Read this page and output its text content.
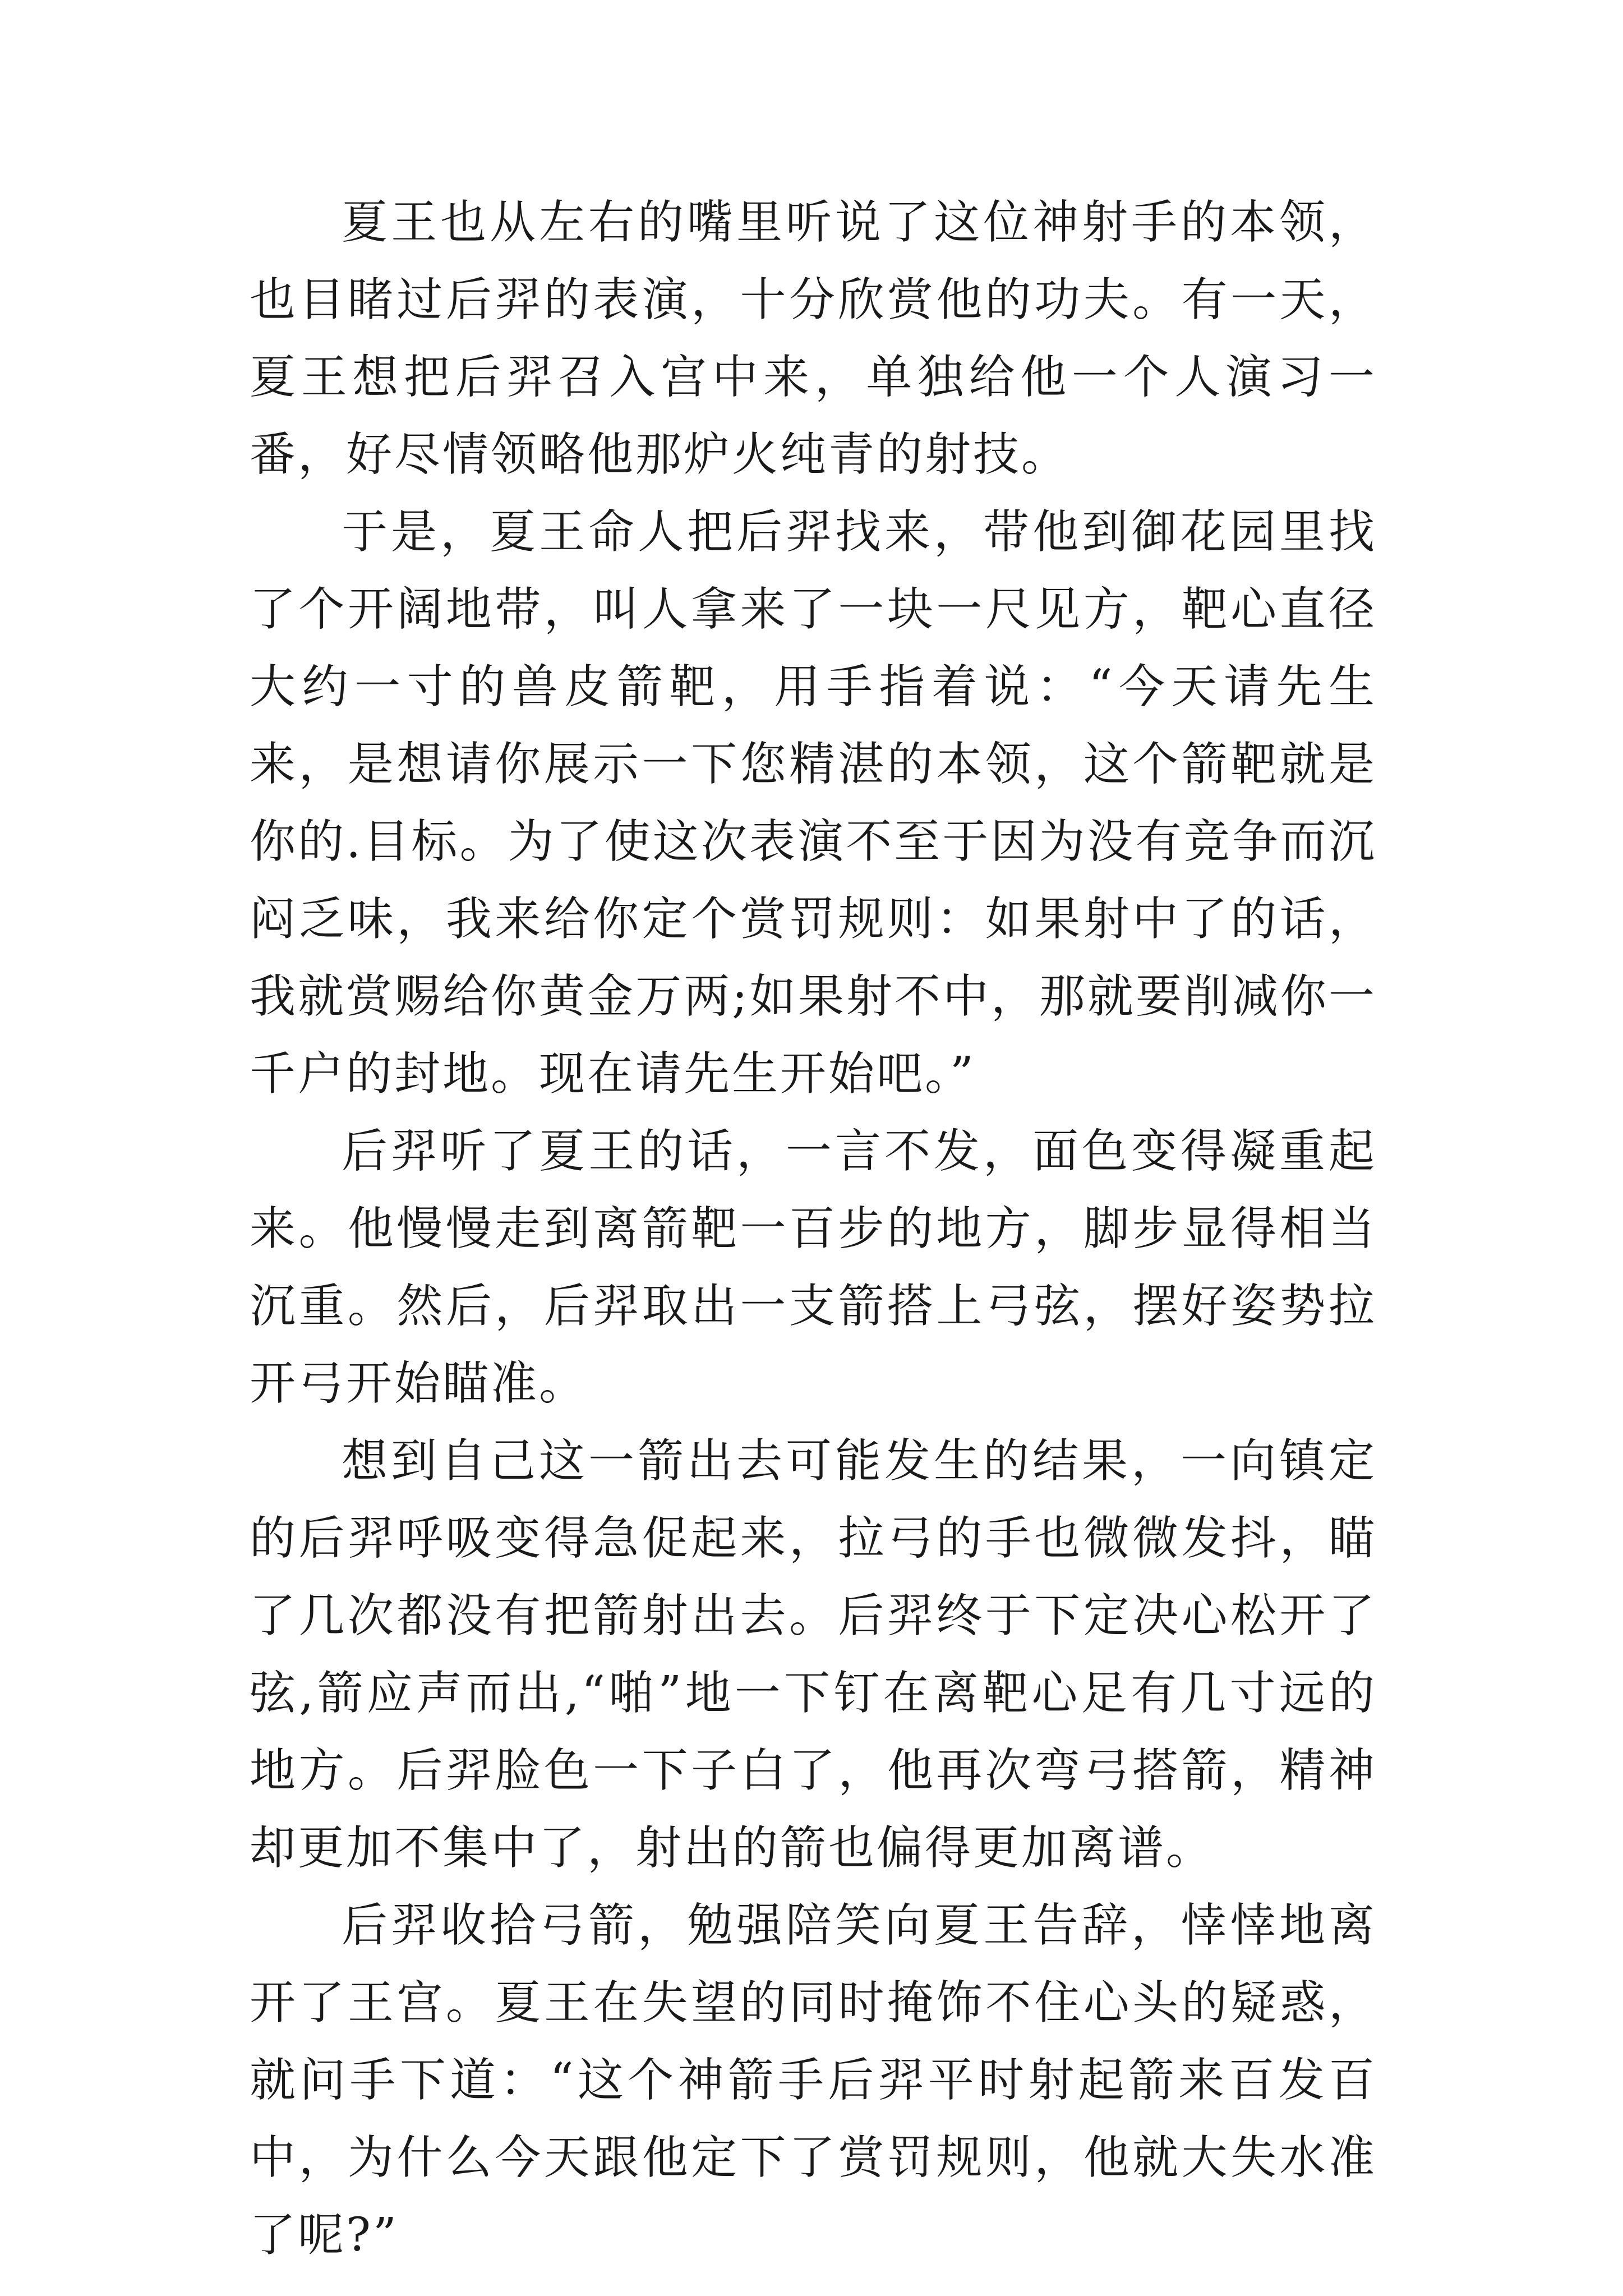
夏王也从左右的嘴里听说了这位神射手的本领，也目睹过后羿的表演，十分欣赏他的功夫。有一天，夏王想把后羿召入宫中来，单独给他一个人演习一番，好尽情领略他那炉火纯青的射技。

于是，夏王命人把后羿找来，带他到御花园里找了个开阔地带，叫人拿来了一块一尺见方，靶心直径大约一寸的兽皮箭靶，用手指着说：“今天请先生来，是想请你展示一下您精湛的本领，这个箭靶就是你的.目标。为了使这次表演不至于因为没有竞争而沉闷乏味，我来给你定个赏罚规则：如果射中了的话，我就赏赐给你黄金万两;如果射不中，那就要削减你一千户的封地。现在请先生开始吧。”

后羿听了夏王的话，一言不发，面色变得凝重起来。他慢慢走到离箭靶一百步的地方，脚步显得相当沉重。然后，后羿取出一支箭搭上弓弦，摆好姿势拉开弓开始瞄准。

想到自己这一箭出去可能发生的结果，一向镇定的后羿呼吸变得急促起来，拉弓的手也微微发抖，瞄了几次都没有把箭射出去。后羿终于下定决心松开了弦,箭应声而出,“啪”地一下钉在离靶心足有几寸远的地方。后羿脸色一下子白了，他再次弯弓搭箭，精神却更加不集中了，射出的箭也偏得更加离谱。

后羿收拾弓箭，勉强陪笑向夏王告辞，悻悻地离开了王宫。夏王在失望的同时掩饰不住心头的疑惑，就问手下道：“这个神箭手后羿平时射起箭来百发百中，为什么今天跟他定下了赏罚规则，他就大失水准了呢?”
